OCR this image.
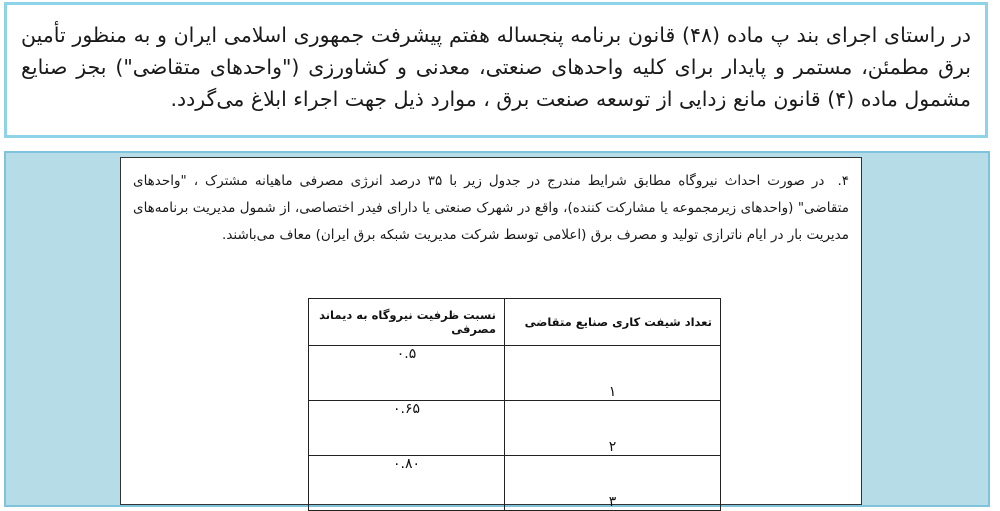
در راستای اجرای بند پ ماده (۴۸) قانون برنامه پنجساله هفتم پیشرفت جمهوری اسلامی ایران و به منظور تأمین برق مطمئن، مستمر و پایدار برای کلیه واحدهای صنعتی، معدنی و کشاورزی ("واحدهای متقاضی") بجز صنایع مشمول ماده (۴) قانون مانع زدایی از توسعه صنعت برق ، موارد ذیل جهت اجراء ابلاغ می‌گردد.
۴. در صورت احداث نیروگاه مطابق شرایط مندرج در جدول زیر با ۳۵ درصد انرژی مصرفی ماهیانه مشترک ، "واحدهای متقاضی" (واحدهای زیرمجموعه یا مشارکت کننده)، واقع در شهرک صنعتی یا دارای فیدر اختصاصی، از شمول مدیریت برنامه‌های مدیریت بار در ایام ناترازی تولید و مصرف برق (اعلامی توسط شرکت مدیریت شبکه برق ایران) معاف می‌باشند.
تعداد شیفت کاری صنایع متقاضی	نسبت ظرفیت نیروگاه به دیماند مصرفی
۱	۰.۵
۲	۰.۶۵
۳	۰.۸۰
